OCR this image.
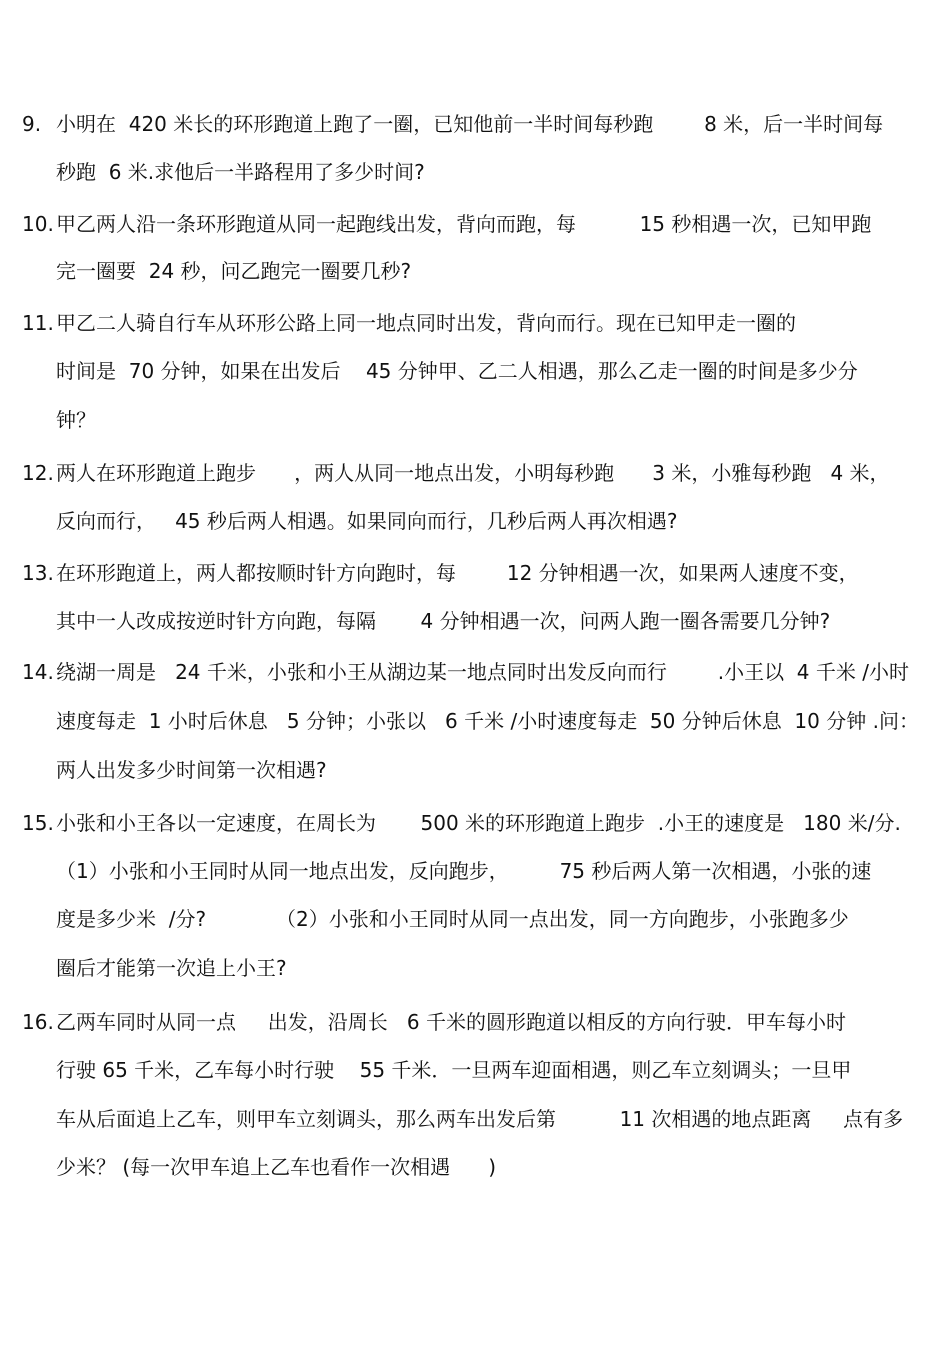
9.

小明在  420 米长的环形跑道上跑了一圈，已知他前一半时间每秒跑        8 米，后一半时间每

秒跑  6 米.求他后一半路程用了多少时间?

10.

甲乙两人沿一条环形跑道从同一起跑线出发，背向而跑，每          15 秒相遇一次，已知甲跑

完一圈要  24 秒，问乙跑完一圈要几秒?

11.

甲乙二人骑自行车从环形公路上同一地点同时出发，背向而行。现在已知甲走一圈的

时间是  70 分钟，如果在出发后    45 分钟甲、乙二人相遇，那么乙走一圈的时间是多少分

钟？

12.

两人在环形跑道上跑步      ，两人从同一地点出发，小明每秒跑      3 米，小雅每秒跑   4 米，

反向而行，   45 秒后两人相遇。如果同向而行，几秒后两人再次相遇?

13.

在环形跑道上，两人都按顺时针方向跑时，每        12 分钟相遇一次，如果两人速度不变，

其中一人改成按逆时针方向跑，每隔       4 分钟相遇一次，问两人跑一圈各需要几分钟?

14.

绕湖一周是   24 千米，小张和小王从湖边某一地点同时出发反向而行        .小王以  4 千米 /小时

速度每走  1 小时后休息   5 分钟；小张以   6 千米 /小时速度每走  50 分钟后休息  10 分钟 .问：

两人出发多少时间第一次相遇?

15.

小张和小王各以一定速度，在周长为       500 米的环形跑道上跑步  .小王的速度是   180 米/分.

（1）小张和小王同时从同一地点出发，反向跑步，        75 秒后两人第一次相遇，小张的速

度是多少米  /分?           （2）小张和小王同时从同一点出发，同一方向跑步，小张跑多少

圈后才能第一次追上小王?

16.

乙两车同时从同一点     出发，沿周长   6 千米的圆形跑道以相反的方向行驶．甲车每小时

行驶 65 千米，乙车每小时行驶    55 千米．一旦两车迎面相遇，则乙车立刻调头；一旦甲

车从后面追上乙车，则甲车立刻调头，那么两车出发后第          11 次相遇的地点距离     点有多

少米？ (每一次甲车追上乙车也看作一次相遇      )
